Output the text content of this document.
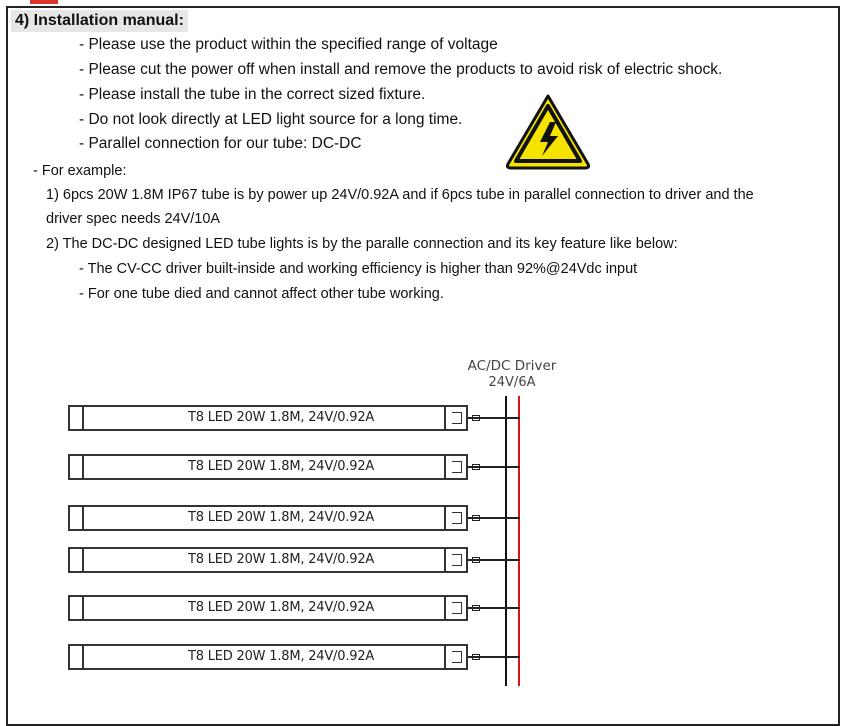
4) Installation manual:
- Please use the product within the specified range of voltage
- Please cut the power off when install and remove the products to avoid risk of electric shock.
- Please install the tube in the correct sized fixture.
- Do not look directly at LED light source for a long time.
- Parallel connection for our tube: DC-DC
- For example:
1) 6pcs 20W 1.8M IP67 tube is by power up 24V/0.92A and if 6pcs tube in parallel connection to driver and the
driver spec needs 24V/10A
2) The DC-DC designed LED tube lights is by the paralle connection and its key feature like below:
- The CV-CC driver built-inside and working efficiency is higher than 92%@24Vdc input
- For one tube died and cannot affect other tube working.
AC/DC Driver
24V/6A
T8 LED 20W 1.8M, 24V/0.92A
T8 LED 20W 1.8M, 24V/0.92A
T8 LED 20W 1.8M, 24V/0.92A
T8 LED 20W 1.8M, 24V/0.92A
T8 LED 20W 1.8M, 24V/0.92A
T8 LED 20W 1.8M, 24V/0.92A
